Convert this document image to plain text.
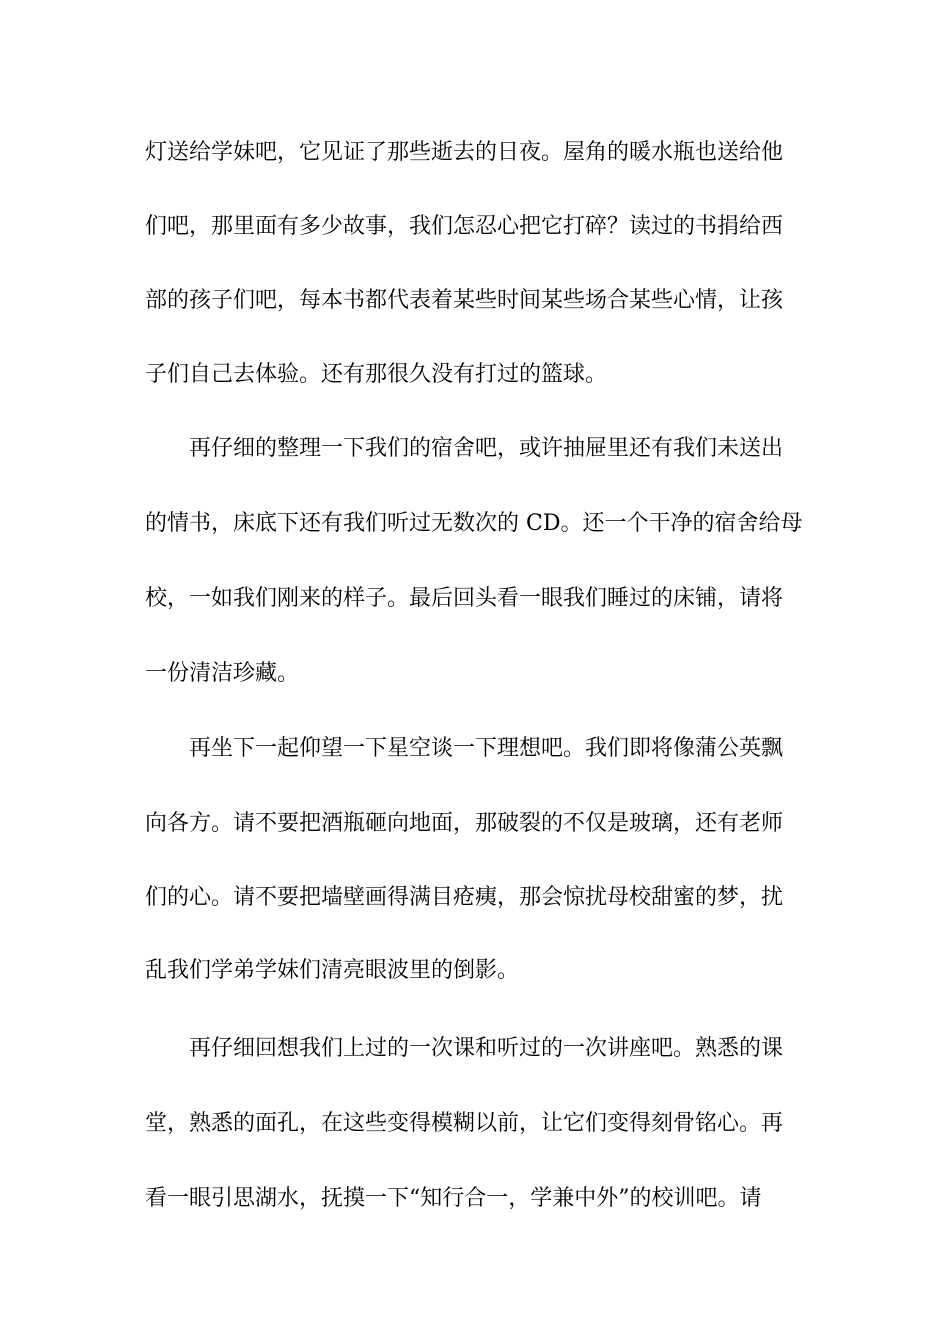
灯送给学妹吧，它见证了那些逝去的日夜。屋角的暖水瓶也送给他
们吧，那里面有多少故事，我们怎忍心把它打碎？读过的书捐给西
部的孩子们吧，每本书都代表着某些时间某些场合某些心情，让孩
子们自己去体验。还有那很久没有打过的篮球。
再仔细的整理一下我们的宿舍吧，或许抽屉里还有我们未送出
的情书，床底下还有我们听过无数次的 CD。还一个干净的宿舍给母
校，一如我们刚来的样子。最后回头看一眼我们睡过的床铺，请将
一份清洁珍藏。
再坐下一起仰望一下星空谈一下理想吧。我们即将像蒲公英飘
向各方。请不要把酒瓶砸向地面，那破裂的不仅是玻璃，还有老师
们的心。请不要把墙壁画得满目疮痍，那会惊扰母校甜蜜的梦，扰
乱我们学弟学妹们清亮眼波里的倒影。
再仔细回想我们上过的一次课和听过的一次讲座吧。熟悉的课
堂，熟悉的面孔，在这些变得模糊以前，让它们变得刻骨铭心。再
看一眼引思湖水，抚摸一下“知行合一，学兼中外”的校训吧。请
